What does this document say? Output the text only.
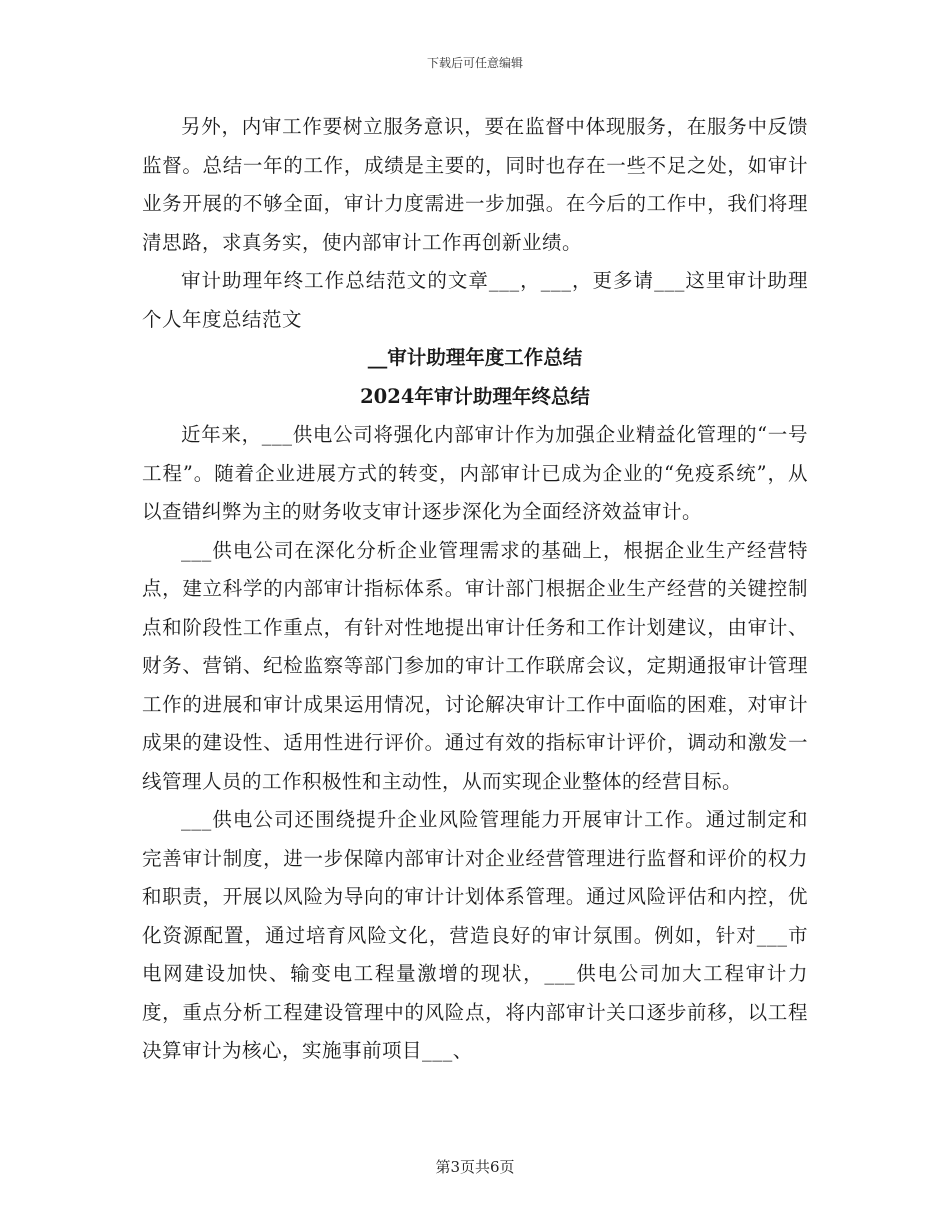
下载后可任意编辑

另外，内审工作要树立服务意识，要在监督中体现服务，在服务中反馈监督。总结一年的工作，成绩是主要的，同时也存在一些不足之处，如审计业务开展的不够全面，审计力度需进一步加强。在今后的工作中，我们将理清思路，求真务实，使内部审计工作再创新业绩。

审计助理年终工作总结范文的文章___，___，更多请___这里审计助理个人年度总结范文

__审计助理年度工作总结

2024年审计助理年终总结

近年来，___供电公司将强化内部审计作为加强企业精益化管理的“一号工程”。随着企业进展方式的转变，内部审计已成为企业的“免疫系统”，从以查错纠弊为主的财务收支审计逐步深化为全面经济效益审计。

___供电公司在深化分析企业管理需求的基础上，根据企业生产经营特点，建立科学的内部审计指标体系。审计部门根据企业生产经营的关键控制点和阶段性工作重点，有针对性地提出审计任务和工作计划建议，由审计、财务、营销、纪检监察等部门参加的审计工作联席会议，定期通报审计管理工作的进展和审计成果运用情况，讨论解决审计工作中面临的困难，对审计成果的建设性、适用性进行评价。通过有效的指标审计评价，调动和激发一线管理人员的工作积极性和主动性，从而实现企业整体的经营目标。

___供电公司还围绕提升企业风险管理能力开展审计工作。通过制定和完善审计制度，进一步保障内部审计对企业经营管理进行监督和评价的权力和职责，开展以风险为导向的审计计划体系管理。通过风险评估和内控，优化资源配置，通过培育风险文化，营造良好的审计氛围。例如，针对___市电网建设加快、输变电工程量激增的现状，___供电公司加大工程审计力度，重点分析工程建设管理中的风险点，将内部审计关口逐步前移，以工程决算审计为核心，实施事前项目___、

第3页共6页
